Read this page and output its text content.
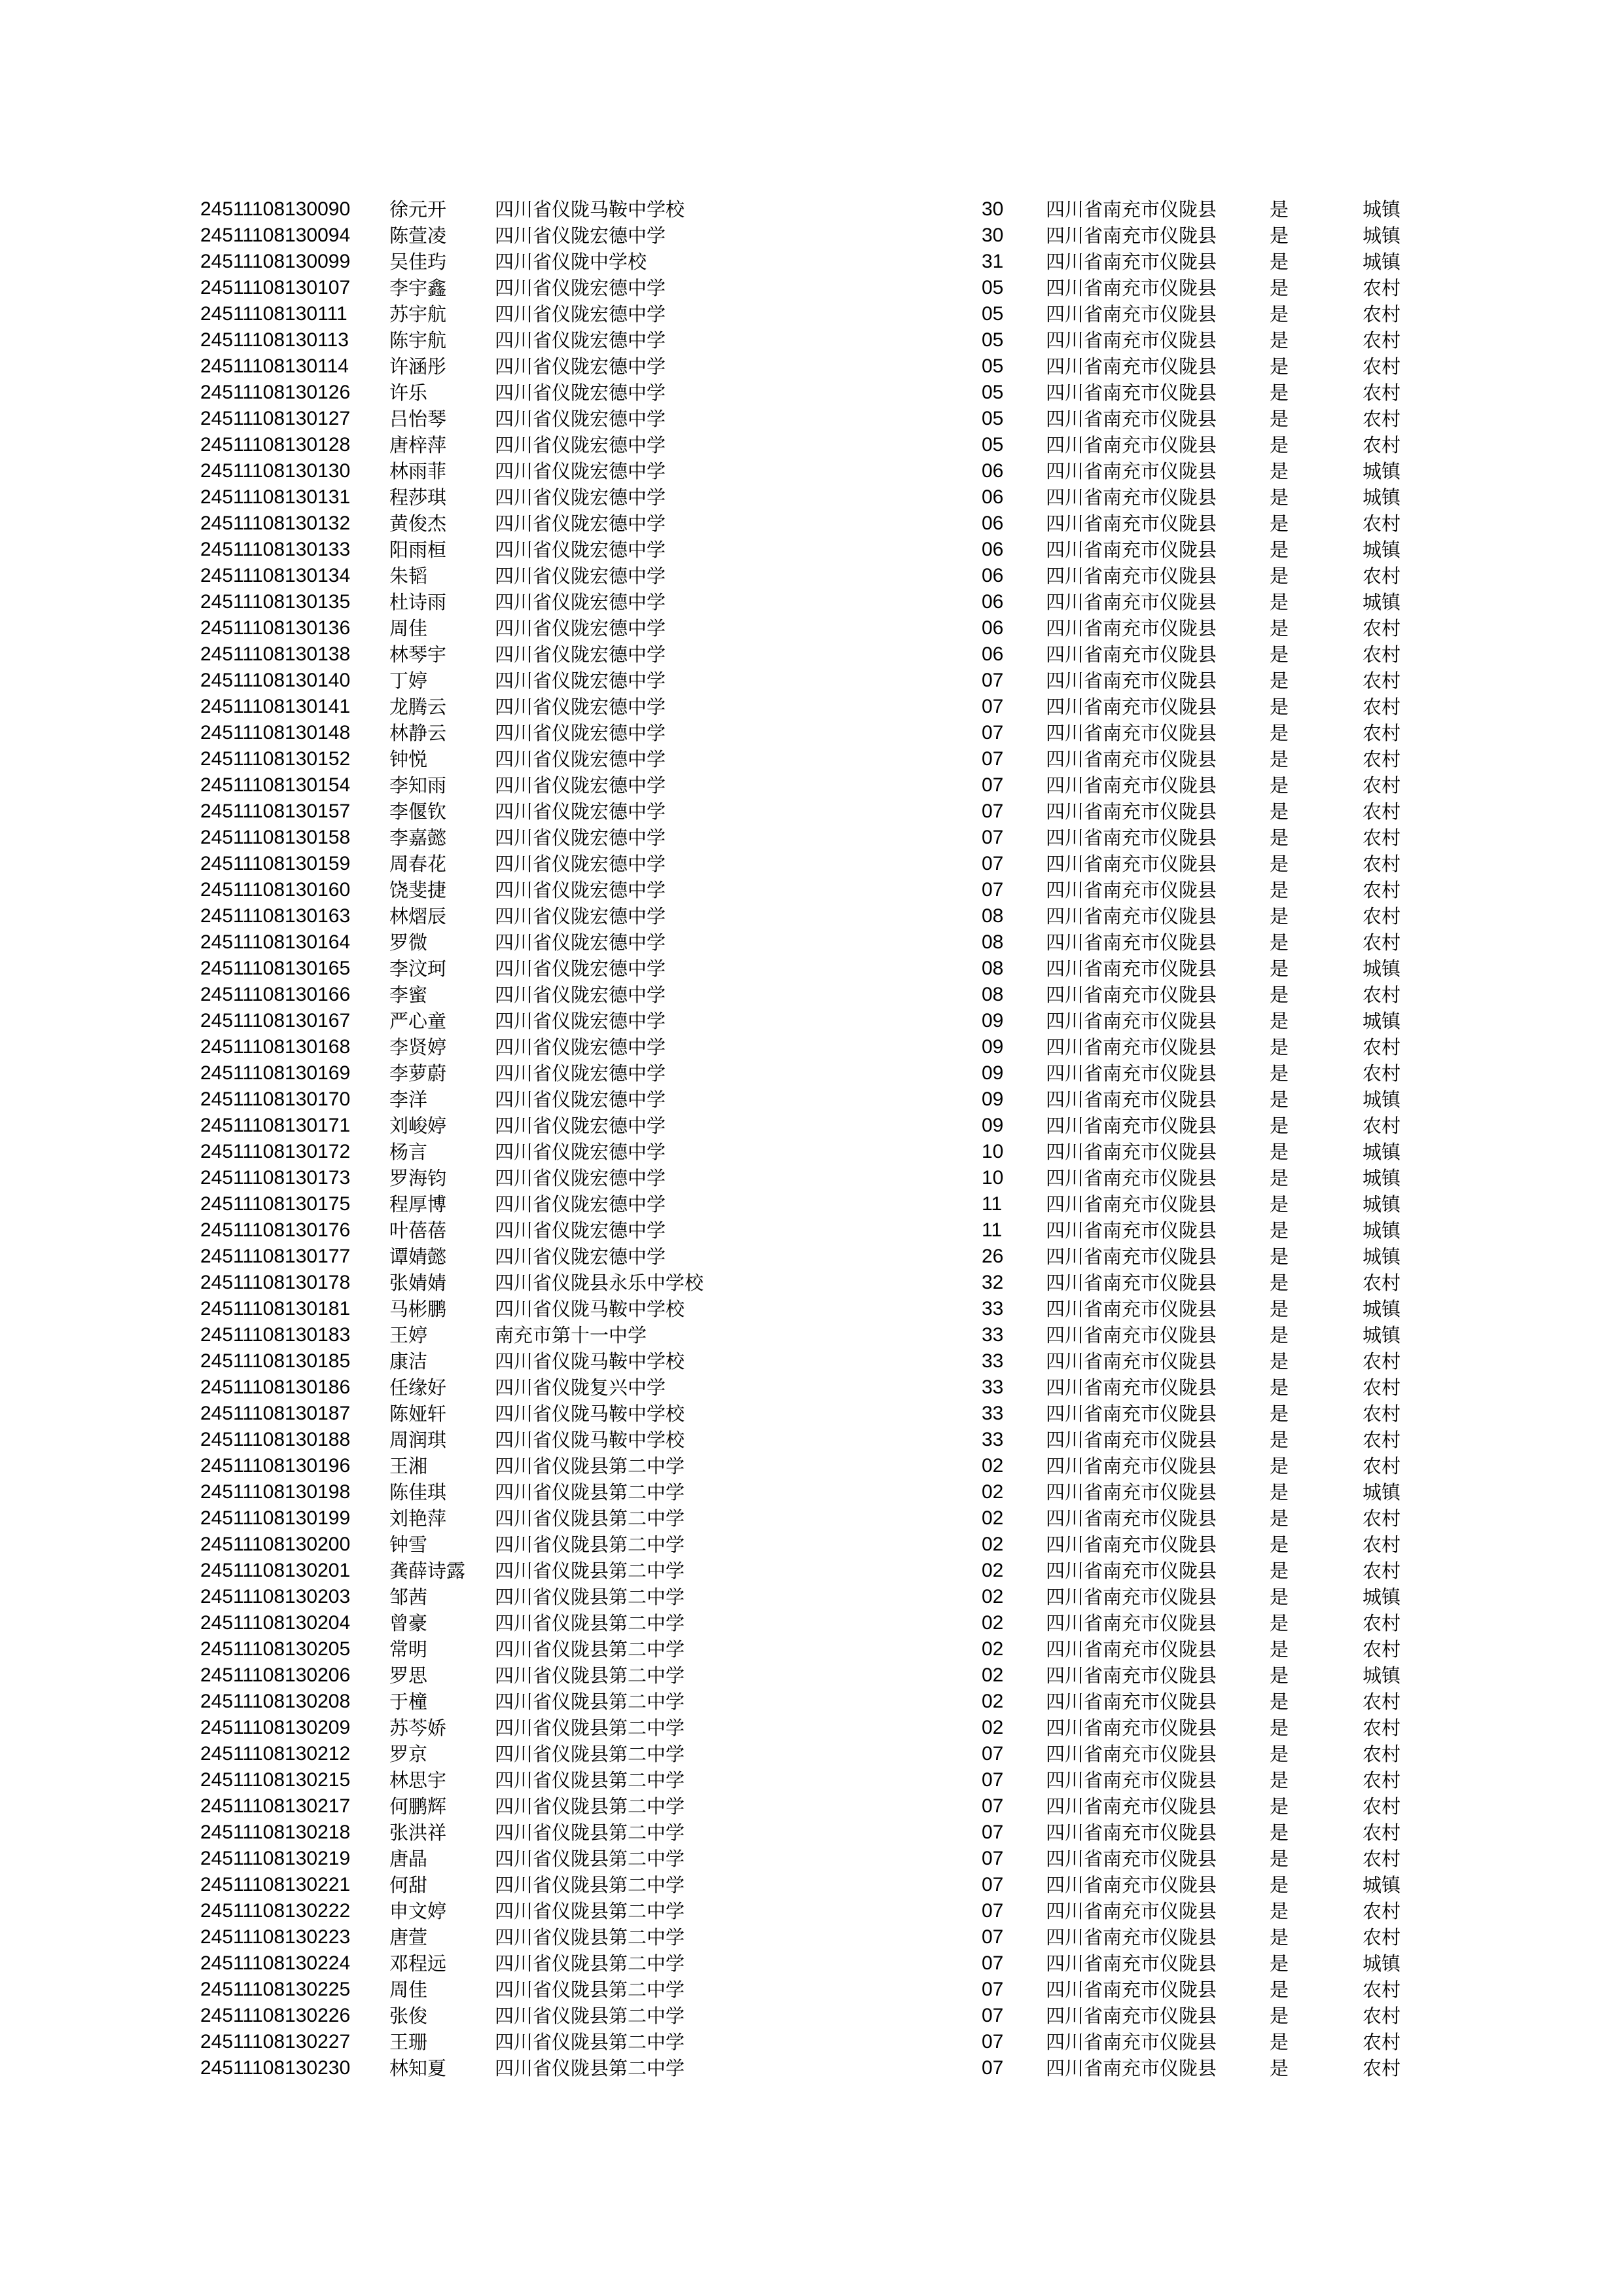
24511108130090	徐元开	四川省仪陇马鞍中学校	30	四川省南充市仪陇县	是	城镇
24511108130094	陈萱凌	四川省仪陇宏德中学	30	四川省南充市仪陇县	是	城镇
24511108130099	吴佳玙	四川省仪陇中学校	31	四川省南充市仪陇县	是	城镇
24511108130107	李宇鑫	四川省仪陇宏德中学	05	四川省南充市仪陇县	是	农村
24511108130111	苏宇航	四川省仪陇宏德中学	05	四川省南充市仪陇县	是	农村
24511108130113	陈宇航	四川省仪陇宏德中学	05	四川省南充市仪陇县	是	农村
24511108130114	许涵彤	四川省仪陇宏德中学	05	四川省南充市仪陇县	是	农村
24511108130126	许乐	四川省仪陇宏德中学	05	四川省南充市仪陇县	是	农村
24511108130127	吕怡琴	四川省仪陇宏德中学	05	四川省南充市仪陇县	是	农村
24511108130128	唐梓萍	四川省仪陇宏德中学	05	四川省南充市仪陇县	是	农村
24511108130130	林雨菲	四川省仪陇宏德中学	06	四川省南充市仪陇县	是	城镇
24511108130131	程莎琪	四川省仪陇宏德中学	06	四川省南充市仪陇县	是	城镇
24511108130132	黄俊杰	四川省仪陇宏德中学	06	四川省南充市仪陇县	是	农村
24511108130133	阳雨桓	四川省仪陇宏德中学	06	四川省南充市仪陇县	是	城镇
24511108130134	朱韬	四川省仪陇宏德中学	06	四川省南充市仪陇县	是	农村
24511108130135	杜诗雨	四川省仪陇宏德中学	06	四川省南充市仪陇县	是	城镇
24511108130136	周佳	四川省仪陇宏德中学	06	四川省南充市仪陇县	是	农村
24511108130138	林琴宇	四川省仪陇宏德中学	06	四川省南充市仪陇县	是	农村
24511108130140	丁婷	四川省仪陇宏德中学	07	四川省南充市仪陇县	是	农村
24511108130141	龙腾云	四川省仪陇宏德中学	07	四川省南充市仪陇县	是	农村
24511108130148	林静云	四川省仪陇宏德中学	07	四川省南充市仪陇县	是	农村
24511108130152	钟悦	四川省仪陇宏德中学	07	四川省南充市仪陇县	是	农村
24511108130154	李知雨	四川省仪陇宏德中学	07	四川省南充市仪陇县	是	农村
24511108130157	李偃钦	四川省仪陇宏德中学	07	四川省南充市仪陇县	是	农村
24511108130158	李嘉懿	四川省仪陇宏德中学	07	四川省南充市仪陇县	是	农村
24511108130159	周春花	四川省仪陇宏德中学	07	四川省南充市仪陇县	是	农村
24511108130160	饶斐捷	四川省仪陇宏德中学	07	四川省南充市仪陇县	是	农村
24511108130163	林熠辰	四川省仪陇宏德中学	08	四川省南充市仪陇县	是	农村
24511108130164	罗微	四川省仪陇宏德中学	08	四川省南充市仪陇县	是	农村
24511108130165	李汶珂	四川省仪陇宏德中学	08	四川省南充市仪陇县	是	城镇
24511108130166	李蜜	四川省仪陇宏德中学	08	四川省南充市仪陇县	是	农村
24511108130167	严心童	四川省仪陇宏德中学	09	四川省南充市仪陇县	是	城镇
24511108130168	李贤婷	四川省仪陇宏德中学	09	四川省南充市仪陇县	是	农村
24511108130169	李萝蔚	四川省仪陇宏德中学	09	四川省南充市仪陇县	是	农村
24511108130170	李洋	四川省仪陇宏德中学	09	四川省南充市仪陇县	是	城镇
24511108130171	刘峻婷	四川省仪陇宏德中学	09	四川省南充市仪陇县	是	农村
24511108130172	杨言	四川省仪陇宏德中学	10	四川省南充市仪陇县	是	城镇
24511108130173	罗海钧	四川省仪陇宏德中学	10	四川省南充市仪陇县	是	城镇
24511108130175	程厚博	四川省仪陇宏德中学	11	四川省南充市仪陇县	是	城镇
24511108130176	叶蓓蓓	四川省仪陇宏德中学	11	四川省南充市仪陇县	是	城镇
24511108130177	谭婧懿	四川省仪陇宏德中学	26	四川省南充市仪陇县	是	城镇
24511108130178	张婧婧	四川省仪陇县永乐中学校	32	四川省南充市仪陇县	是	农村
24511108130181	马彬鹏	四川省仪陇马鞍中学校	33	四川省南充市仪陇县	是	城镇
24511108130183	王婷	南充市第十一中学	33	四川省南充市仪陇县	是	城镇
24511108130185	康洁	四川省仪陇马鞍中学校	33	四川省南充市仪陇县	是	农村
24511108130186	任缘好	四川省仪陇复兴中学	33	四川省南充市仪陇县	是	农村
24511108130187	陈娅轩	四川省仪陇马鞍中学校	33	四川省南充市仪陇县	是	农村
24511108130188	周润琪	四川省仪陇马鞍中学校	33	四川省南充市仪陇县	是	农村
24511108130196	王湘	四川省仪陇县第二中学	02	四川省南充市仪陇县	是	农村
24511108130198	陈佳琪	四川省仪陇县第二中学	02	四川省南充市仪陇县	是	城镇
24511108130199	刘艳萍	四川省仪陇县第二中学	02	四川省南充市仪陇县	是	农村
24511108130200	钟雪	四川省仪陇县第二中学	02	四川省南充市仪陇县	是	农村
24511108130201	龚薛诗露	四川省仪陇县第二中学	02	四川省南充市仪陇县	是	农村
24511108130203	邹茜	四川省仪陇县第二中学	02	四川省南充市仪陇县	是	城镇
24511108130204	曾豪	四川省仪陇县第二中学	02	四川省南充市仪陇县	是	农村
24511108130205	常明	四川省仪陇县第二中学	02	四川省南充市仪陇县	是	农村
24511108130206	罗思	四川省仪陇县第二中学	02	四川省南充市仪陇县	是	城镇
24511108130208	于橦	四川省仪陇县第二中学	02	四川省南充市仪陇县	是	农村
24511108130209	苏芩娇	四川省仪陇县第二中学	02	四川省南充市仪陇县	是	农村
24511108130212	罗京	四川省仪陇县第二中学	07	四川省南充市仪陇县	是	农村
24511108130215	林思宇	四川省仪陇县第二中学	07	四川省南充市仪陇县	是	农村
24511108130217	何鹏辉	四川省仪陇县第二中学	07	四川省南充市仪陇县	是	农村
24511108130218	张洪祥	四川省仪陇县第二中学	07	四川省南充市仪陇县	是	农村
24511108130219	唐晶	四川省仪陇县第二中学	07	四川省南充市仪陇县	是	农村
24511108130221	何甜	四川省仪陇县第二中学	07	四川省南充市仪陇县	是	城镇
24511108130222	申文婷	四川省仪陇县第二中学	07	四川省南充市仪陇县	是	农村
24511108130223	唐萱	四川省仪陇县第二中学	07	四川省南充市仪陇县	是	农村
24511108130224	邓程远	四川省仪陇县第二中学	07	四川省南充市仪陇县	是	城镇
24511108130225	周佳	四川省仪陇县第二中学	07	四川省南充市仪陇县	是	农村
24511108130226	张俊	四川省仪陇县第二中学	07	四川省南充市仪陇县	是	农村
24511108130227	王珊	四川省仪陇县第二中学	07	四川省南充市仪陇县	是	农村
24511108130230	林知夏	四川省仪陇县第二中学	07	四川省南充市仪陇县	是	农村
